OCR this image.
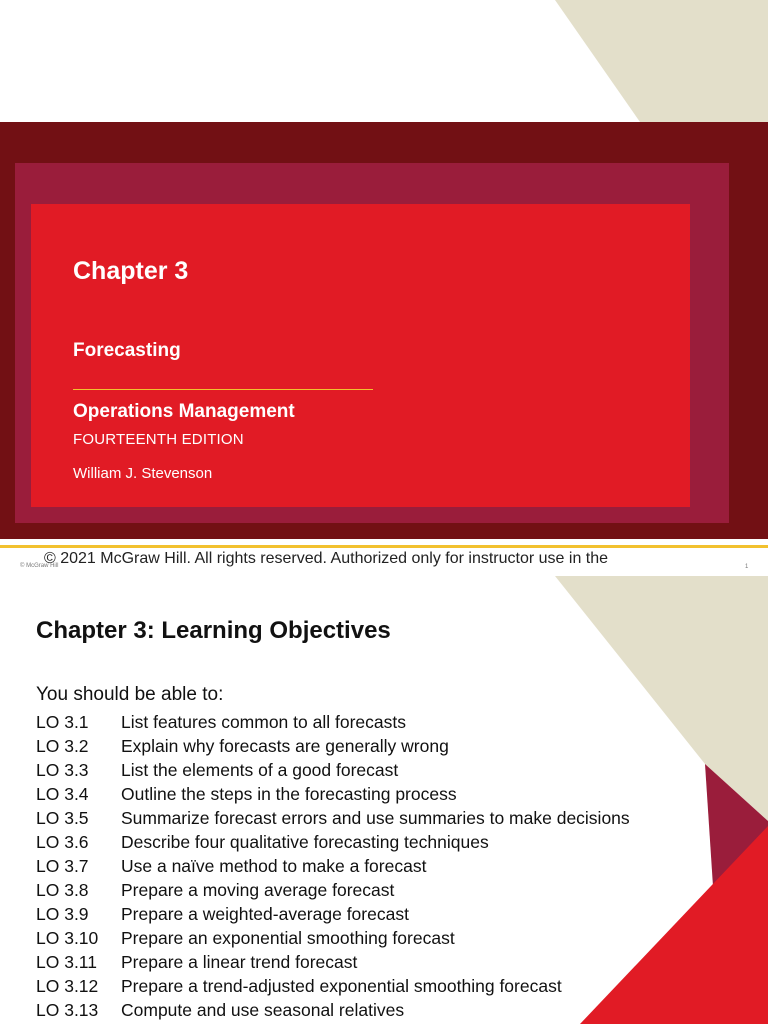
Chapter 3
Forecasting
Operations Management
FOURTEENTH EDITION
William J. Stevenson
© 2021 McGraw Hill. All rights reserved. Authorized only for instructor use in the
© McGraw Hill	1
Chapter 3: Learning Objectives
You should be able to:
LO 3.1 List features common to all forecasts
LO 3.2 Explain why forecasts are generally wrong
LO 3.3 List the elements of a good forecast
LO 3.4 Outline the steps in the forecasting process
LO 3.5 Summarize forecast errors and use summaries to make decisions
LO 3.6 Describe four qualitative forecasting techniques
LO 3.7 Use a naïve method to make a forecast
LO 3.8 Prepare a moving average forecast
LO 3.9 Prepare a weighted-average forecast
LO 3.10 Prepare an exponential smoothing forecast
LO 3.11 Prepare a linear trend forecast
LO 3.12 Prepare a trend-adjusted exponential smoothing forecast
LO 3.13 Compute and use seasonal relatives
